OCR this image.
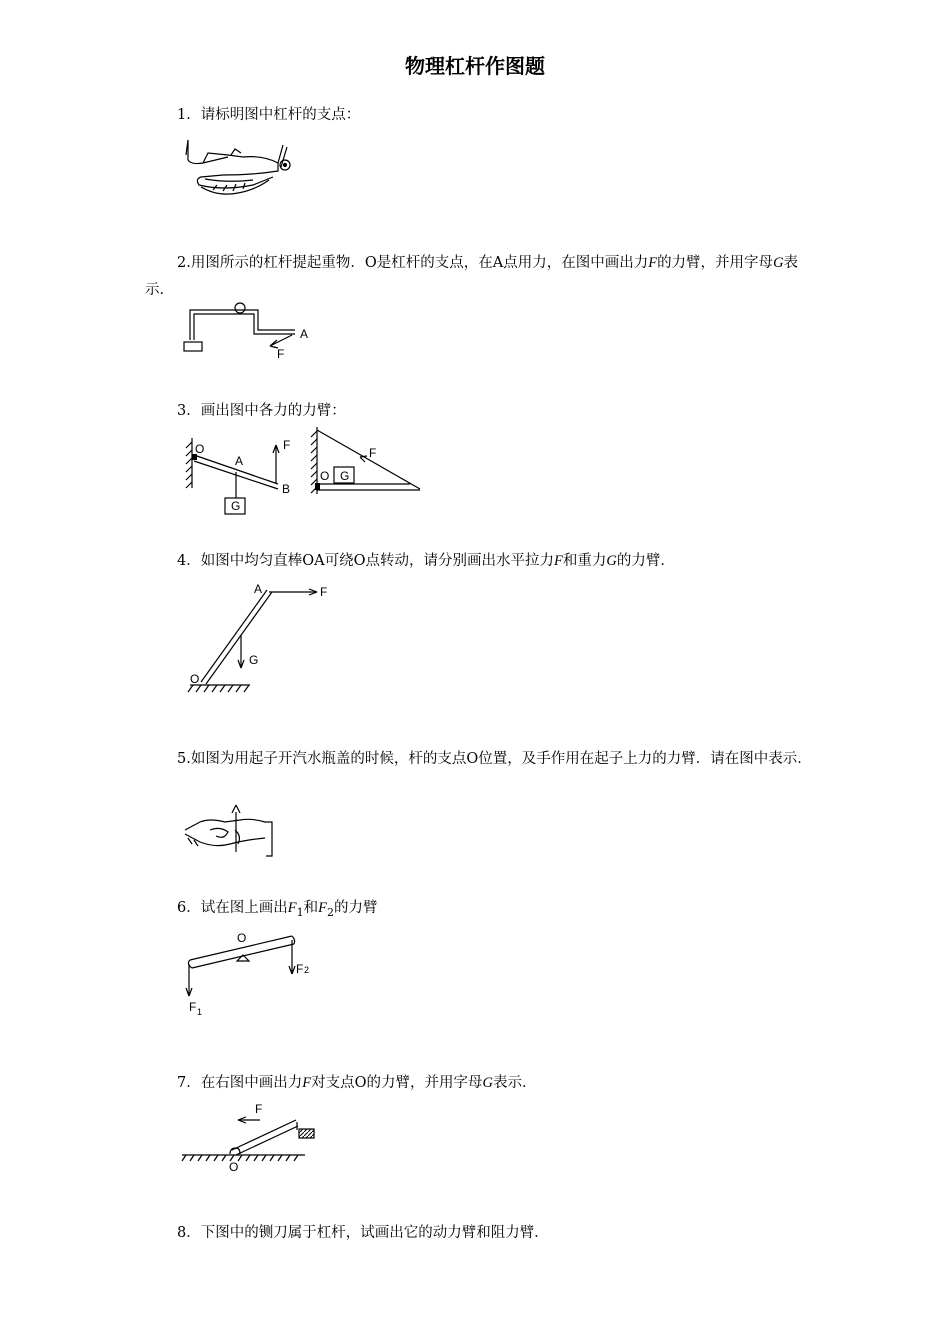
物理杠杆作图题
1．请标明图中杠杆的支点：
2.用图所示的杠杆提起重物．O是杠杆的支点，在A点用力，在图中画出力F的力臂，并用字母G表示．
A
F
3．画出图中各力的力臂：
O
A
B
F
G
O G
F
4．如图中均匀直棒OA可绕O点转动，请分别画出水平拉力F和重力G的力臂．
A	F
G
O
5.如图为用起子开汽水瓶盖的时候，杆的支点O位置，及手作用在起子上力的力臂．请在图中表示．
6．试在图上画出$F_1$和$F_2$的力臂
O
F 1
F 2
7．在右图中画出力F对支点O的力臂，并用字母G表示．
F
O
8．下图中的铡刀属于杠杆，试画出它的动力臂和阻力臂．
